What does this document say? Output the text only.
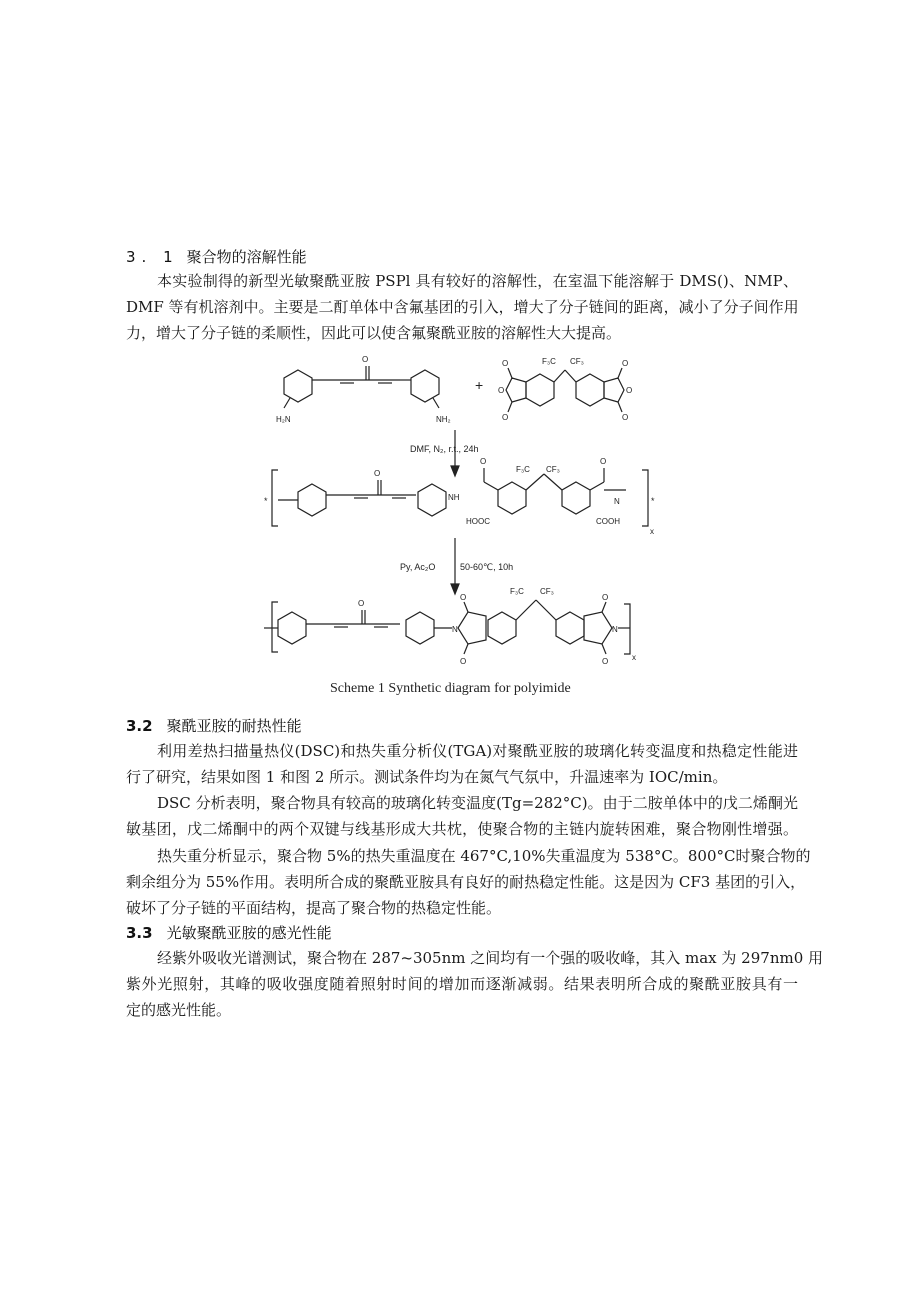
3. 1 聚合物的溶解性能
本实验制得的新型光敏聚酰亚胺 PSPl 具有较好的溶解性，在室温下能溶解于 DMS()、NMP、
DMF 等有机溶剂中。主要是二酊单体中含氟基团的引入，增大了分子链间的距离，减小了分子间作用
力，增大了分子链的柔顺性，因此可以使含氟聚酰亚胺的溶解性大大提高。
H₂N	NH₂
O
+
F₃C CF₃
O
O
O
O
O
O
DMF, N₂, r.t., 24h
*
O
NH
O
F₃C CF₃
O
HOOC	COOH
N	*
x
Py, Ac₂O	50-60℃, 10h
O
N
O
O
F₃C CF₃
O
O
N
x
Scheme 1 Synthetic diagram for polyimide
3.2 聚酰亚胺的耐热性能
利用差热扫描量热仪(DSC)和热失重分析仪(TGA)对聚酰亚胺的玻璃化转变温度和热稳定性能进
行了研究，结果如图 1 和图 2 所示。测试条件均为在氮气气氛中，升温速率为 IOC/min。
DSC 分析表明，聚合物具有较高的玻璃化转变温度(Tg=282°C)。由于二胺单体中的戊二烯酮光
敏基团，戊二烯酮中的两个双键与线基形成大共枕，使聚合物的主链内旋转困难，聚合物刚性增强。
热失重分析显示，聚合物 5%的热失重温度在 467°C,10%失重温度为 538°C。800°C时聚合物的
剩余组分为 55%作用。表明所合成的聚酰亚胺具有良好的耐热稳定性能。这是因为 CF3 基团的引入，
破坏了分子链的平面结构，提高了聚合物的热稳定性能。
3.3 光敏聚酰亚胺的感光性能
经紫外吸收光谱测试，聚合物在 287~305nm 之间均有一个强的吸收峰，其入 max 为 297nm0 用
紫外光照射，其峰的吸收强度随着照射时间的增加而逐渐减弱。结果表明所合成的聚酰亚胺具有一
定的感光性能。
